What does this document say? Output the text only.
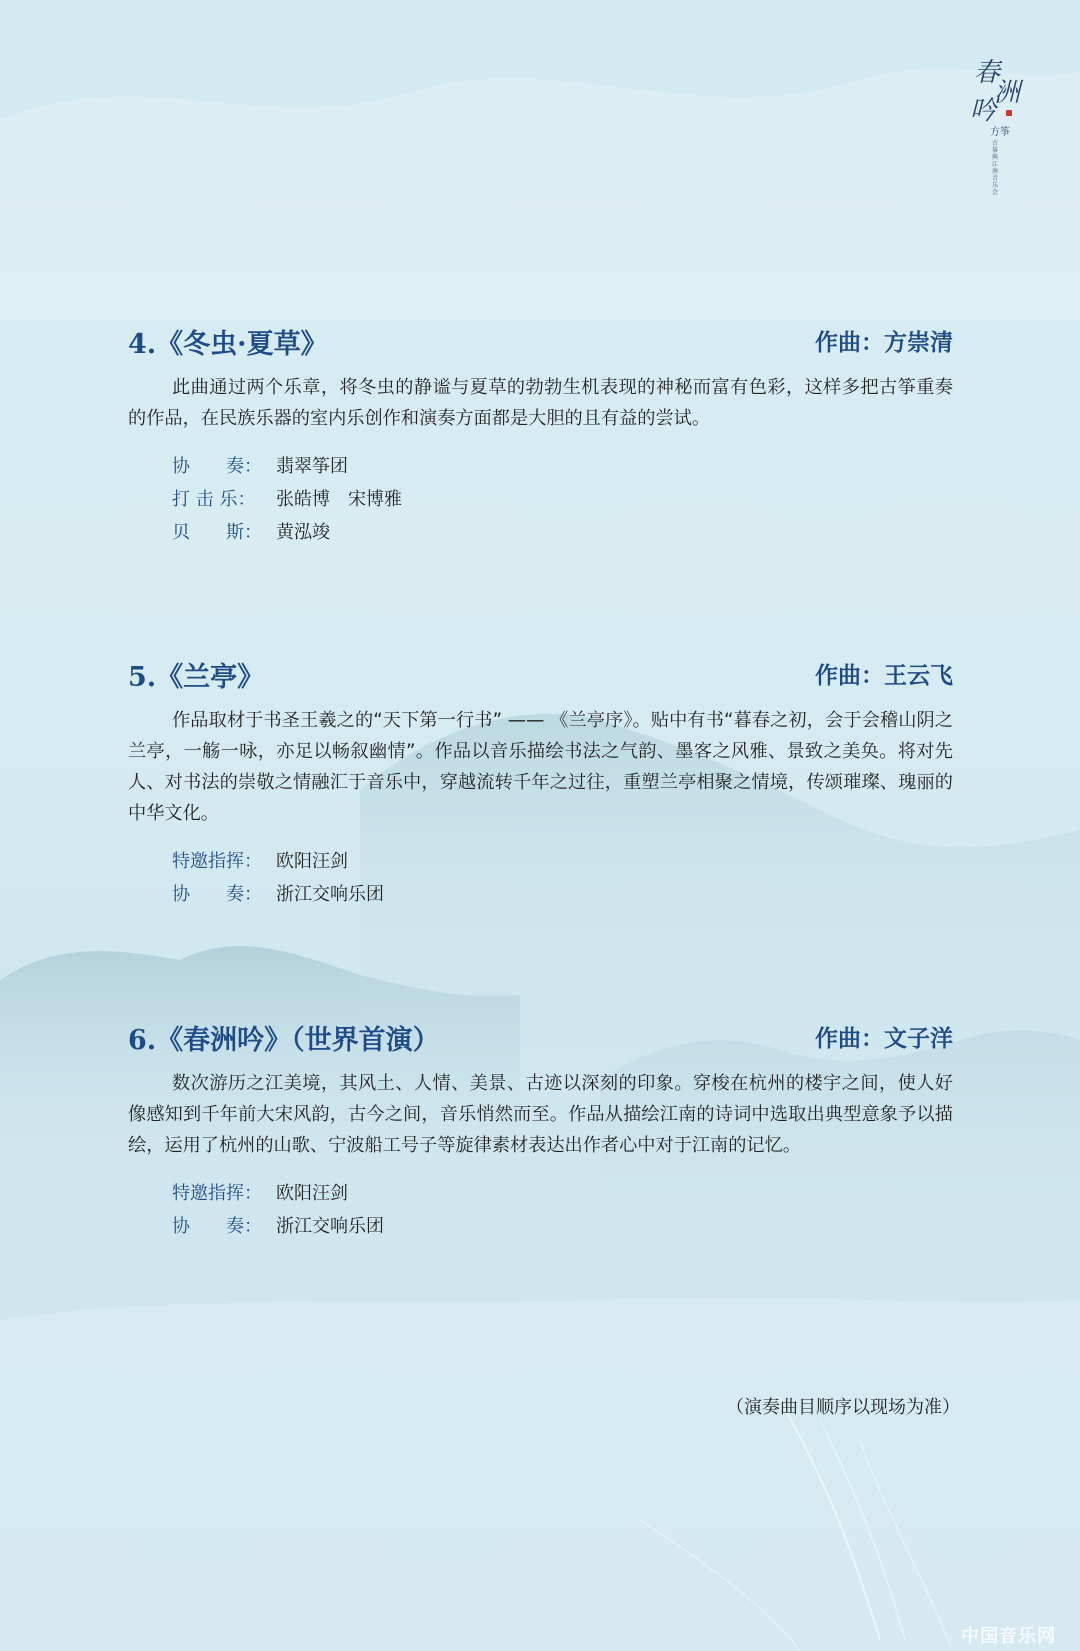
春
洲
吟
方筝
古筝與江南音乐会
4.《冬虫·夏草》	作曲：方崇清

此曲通过两个乐章，将冬虫的静谧与夏草的勃勃生机表现的神秘而富有色彩，这样多把古筝重奏的作品，在民族乐器的室内乐创作和演奏方面都是大胆的且有益的尝试。

协　　奏： 翡翠筝团
打 击 乐：	张皓博　宋博雅
贝　　斯： 黄泓竣
5.《兰亭》	作曲：王云飞

作品取材于书圣王羲之的“天下第一行书” —— 《兰亭序》。贴中有书“暮春之初，会于会稽山阴之兰亭，一觞一咏，亦足以畅叙幽情”。作品以音乐描绘书法之气韵、墨客之风雅、景致之美奂。将对先人、对书法的崇敬之情融汇于音乐中，穿越流转千年之过往，重塑兰亭相聚之情境，传颂璀璨、瑰丽的中华文化。

特邀指挥： 欧阳汪剑
协　　奏： 浙江交响乐团
6.《春洲吟》（世界首演）	作曲：文子洋

数次游历之江美境，其风土、人情、美景、古迹以深刻的印象。穿梭在杭州的楼宇之间，使人好像感知到千年前大宋风韵，古今之间，音乐悄然而至。作品从描绘江南的诗词中选取出典型意象予以描绘，运用了杭州的山歌、宁波船工号子等旋律素材表达出作者心中对于江南的记忆。

特邀指挥： 欧阳汪剑
协　　奏： 浙江交响乐团
（演奏曲目顺序以现场为准）
中国音乐网
